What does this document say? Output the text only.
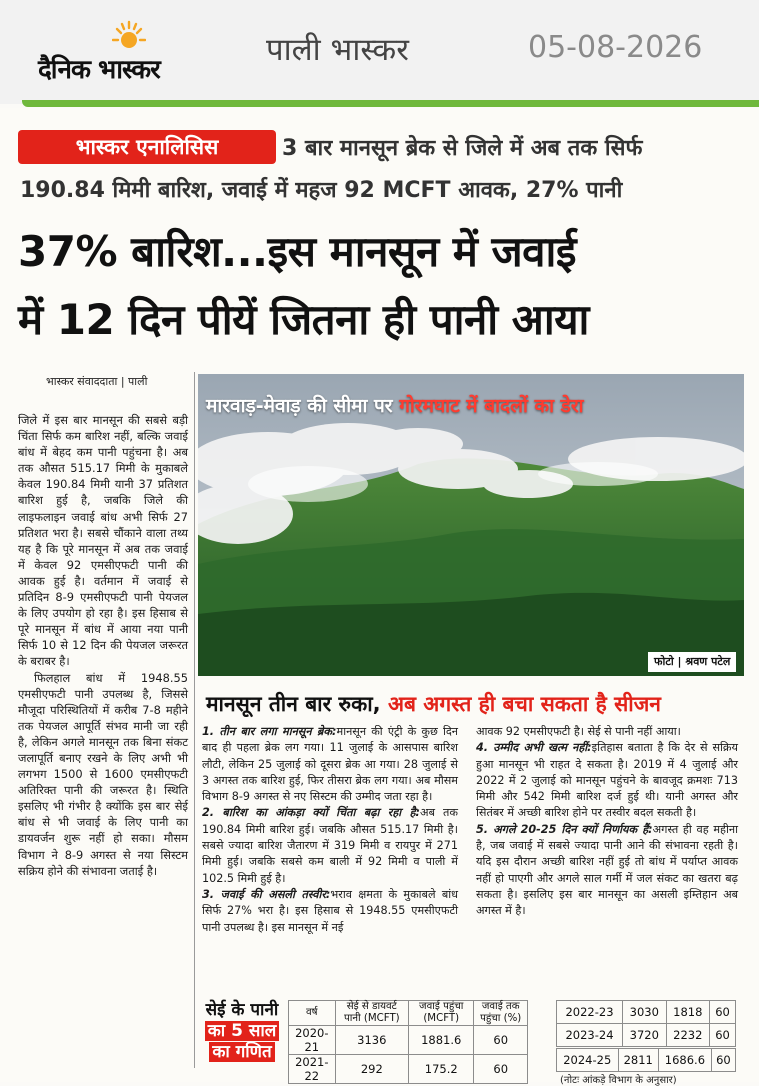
दैनिक भास्कर
पाली भास्कर	05-08-2026
भास्कर एनालिसिस	3 बार मानसून ब्रेक से जिले में अब तक सिर्फ
190.84 मिमी बारिश, जवाई में महज 92 MCFT आवक, 27% पानी
37% बारिश...इस मानसून में जवाई
में 12 दिन पीयें जितना ही पानी आया
भास्कर संवाददाता | पाली

जिले में इस बार मानसून की सबसे बड़ी चिंता सिर्फ कम बारिश नहीं, बल्कि जवाई बांध में बेहद कम पानी पहुंचना है। अब तक औसत 515.17 मिमी के मुकाबले केवल 190.84 मिमी यानी 37 प्रतिशत बारिश हुई है, जबकि जिले की लाइफलाइन जवाई बांध अभी सिर्फ 27 प्रतिशत भरा है। सबसे चौंकाने वाला तथ्य यह है कि पूरे मानसून में अब तक जवाई में केवल 92 एमसीएफटी पानी की आवक हुई है। वर्तमान में जवाई से प्रतिदिन 8-9 एमसीएफटी पानी पेयजल के लिए उपयोग हो रहा है। इस हिसाब से पूरे मानसून में बांध में आया नया पानी सिर्फ 10 से 12 दिन की पेयजल जरूरत के बराबर है।

फिलहाल बांध में 1948.55 एमसीएफटी पानी उपलब्ध है, जिससे मौजूदा परिस्थितियों में करीब 7-8 महीने तक पेयजल आपूर्ति संभव मानी जा रही है, लेकिन अगले मानसून तक बिना संकट जलापूर्ति बनाए रखने के लिए अभी भी लगभग 1500 से 1600 एमसीएफटी अतिरिक्त पानी की जरूरत है। स्थिति इसलिए भी गंभीर है क्योंकि इस बार सेई बांध से भी जवाई के लिए पानी का डायवर्जन शुरू नहीं हो सका। मौसम विभाग ने 8-9 अगस्त से नया सिस्टम सक्रिय होने की संभावना जताई है।

मारवाड़-मेवाड़ की सीमा पर गोरमघाट में बादलों का डेरा
फोटो | श्रवण पटेल
मानसून तीन बार रुका, अब अगस्त ही बचा सकता है सीजन

1. तीन बार लगा मानसून ब्रेक:मानसून की एंट्री के कुछ दिन बाद ही पहला ब्रेक लग गया। 11 जुलाई के आसपास बारिश लौटी, लेकिन 25 जुलाई को दूसरा ब्रेक आ गया। 28 जुलाई से 3 अगस्त तक बारिश हुई, फिर तीसरा ब्रेक लग गया। अब मौसम विभाग 8-9 अगस्त से नए सिस्टम की उम्मीद जता रहा है।

2. बारिश का आंकड़ा क्यों चिंता बढ़ा रहा है:अब तक 190.84 मिमी बारिश हुई। जबकि औसत 515.17 मिमी है। सबसे ज्यादा बारिश जैतारण में 319 मिमी व रायपुर में 271 मिमी हुई। जबकि सबसे कम बाली में 92 मिमी व पाली में 102.5 मिमी हुई है।

3. जवाई की असली तस्वीर:भराव क्षमता के मुकाबले बांध सिर्फ 27% भरा है। इस हिसाब से 1948.55 एमसीएफटी पानी उपलब्ध है। इस मानसून में नई

आवक 92 एमसीएफटी है। सेई से पानी नहीं आया।

4. उम्मीद अभी खत्म नहीं:इतिहास बताता है कि देर से सक्रिय हुआ मानसून भी राहत दे सकता है। 2019 में 4 जुलाई और 2022 में 2 जुलाई को मानसून पहुंचने के बावजूद क्रमशः 713 मिमी और 542 मिमी बारिश दर्ज हुई थी। यानी अगस्त और सितंबर में अच्छी बारिश होने पर तस्वीर बदल सकती है।

5. अगले 20-25 दिन क्यों निर्णायक हैं:अगस्त ही वह महीना है, जब जवाई में सबसे ज्यादा पानी आने की संभावना रहती है। यदि इस दौरान अच्छी बारिश नहीं हुई तो बांध में पर्याप्त आवक नहीं हो पाएगी और अगले साल गर्मी में जल संकट का खतरा बढ़ सकता है। इसलिए इस बार मानसून का असली इम्तिहान अब अगस्त में है।

सेई के पानी
का 5 साल
का गणित
वर्ष	सेई से डायवर्ट पानी (MCFT)	जवाई पहुंचा (MCFT)	जवाई तक पहुंचा (%)
2020-21	3136	1881.6	60
2021-22	292	175.2	60
2022-23	3030	1818	60
2023-24	3720	2232	60
2024-25	2811	1686.6	60
(नोटः आंकड़े विभाग के अनुसार)
